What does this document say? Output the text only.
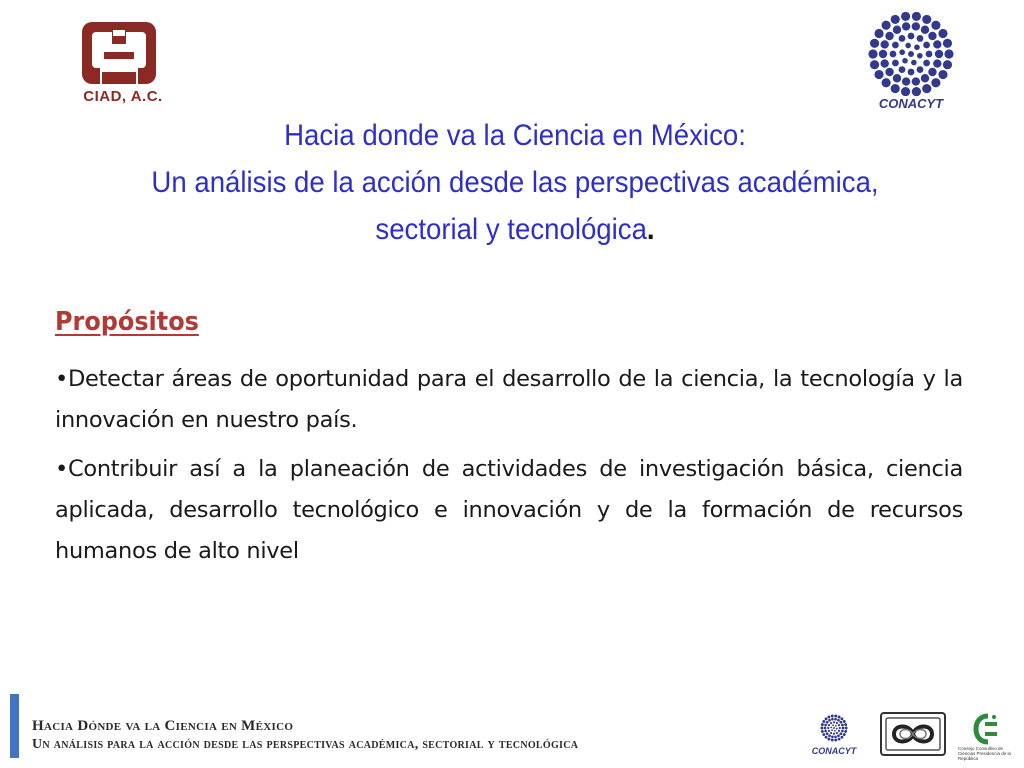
CIAD, A.C.	CONACYT
Hacia donde va la Ciencia en México:
Un análisis de la acción desde las perspectivas académica,
sectorial y tecnológica.
Propósitos
•Detectar áreas de oportunidad para el desarrollo de la ciencia, la tecnología y la innovación en nuestro país.
•Contribuir así a la planeación de actividades de investigación básica, ciencia aplicada, desarrollo tecnológico e innovación y de la formación de recursos humanos de alto nivel
Hacia Dónde va la Ciencia en México
Un análisis para la acción desde las perspectivas académica, sectorial y tecnológica	CONACYT	Consejo Consultivo de Ciencias Presidencia de la República
